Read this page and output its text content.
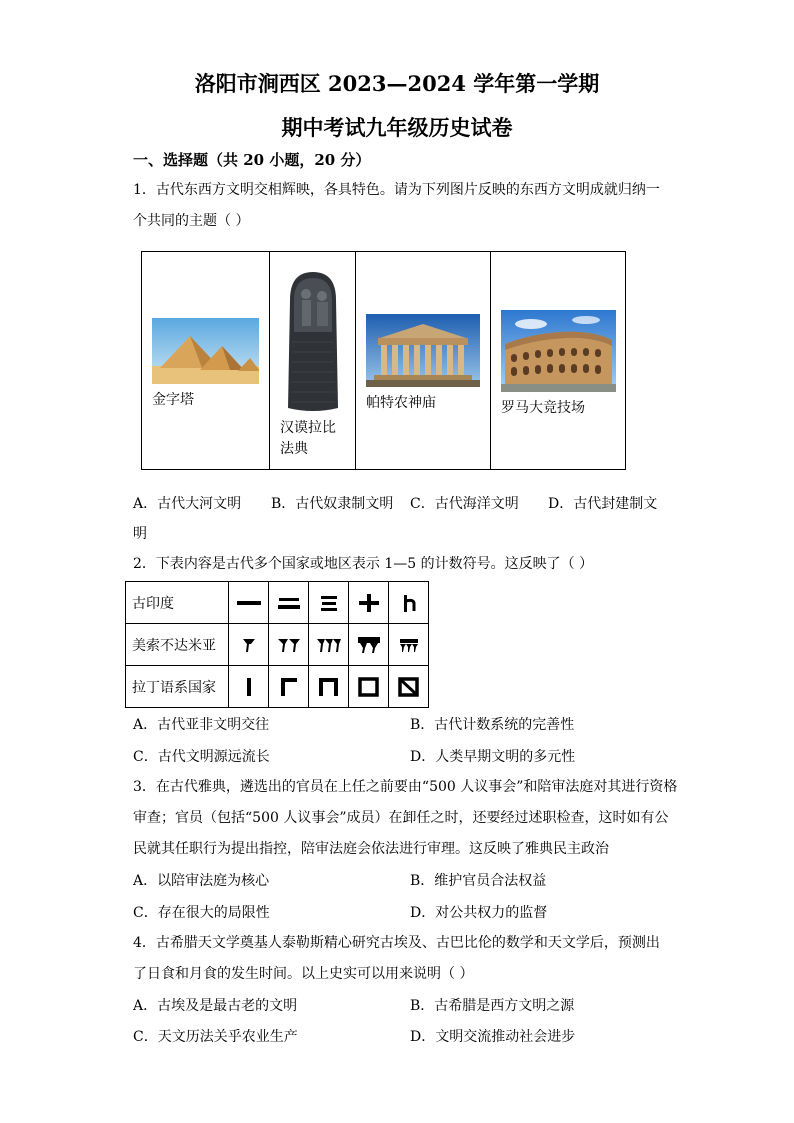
洛阳市涧西区 2023—2024 学年第一学期
期中考试九年级历史试卷
一、选择题（共 20 小题，20 分）
1．古代东西方文明交相辉映，各具特色。请为下列图片反映的东西方文明成就归纳一
个共同的主题（ ）
金字塔
汉谟拉比
法典
帕特农神庙	罗马大竞技场
A．古代大河文明 B．古代奴隶制文明 C．古代海洋文明 D．古代封建制文
明
2．下表内容是古代多个国家或地区表示 1—5 的计数符号。这反映了（ ）
古印度	

美索不达米亚	

拉丁语系国家	

A．古代亚非文明交往	B．古代计数系统的完善性
C．古代文明源远流长	D．人类早期文明的多元性
3．在古代雅典，遴选出的官员在上任之前要由“500 人议事会”和陪审法庭对其进行资格
审查；官员（包括“500 人议事会”成员）在卸任之时，还要经过述职检查，这时如有公
民就其任职行为提出指控，陪审法庭会依法进行审理。这反映了雅典民主政治
A．以陪审法庭为核心	B．维护官员合法权益
C．存在很大的局限性	D．对公共权力的监督
4．古希腊天文学奠基人泰勒斯精心研究古埃及、古巴比伦的数学和天文学后，预测出
了日食和月食的发生时间。以上史实可以用来说明（ ）
A．古埃及是最古老的文明	B．古希腊是西方文明之源
C．天文历法关乎农业生产	D．文明交流推动社会进步
